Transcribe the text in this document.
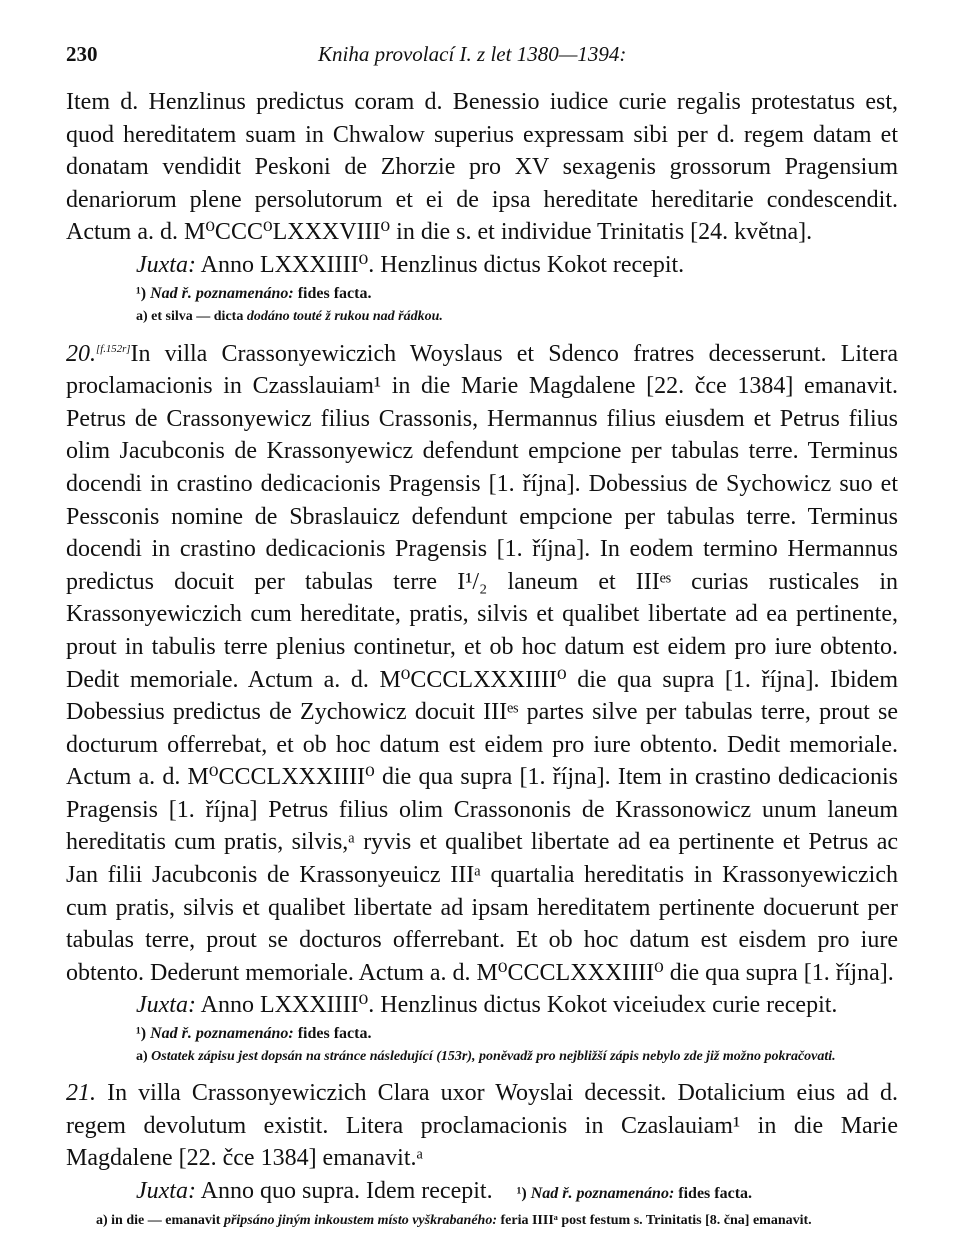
230	Kniha provolací I. z let 1380—1394:

Item d. Henzlinus predictus coram d. Benessio iudice curie regalis protestatus est, quod hereditatem suam in Chwalow superius expressam sibi per d. regem datam et donatam vendidit Peskoni de Zhorzie pro XV sexagenis grossorum Pragensium denariorum plene persolutorum et ei de ipsa hereditate hereditarie condescendit. Actum a. d. M⁰CCC⁰LXXXVIII⁰ in die s. et individue Trinitatis [24. května].

Juxta: Anno LXXXIIII⁰. Henzlinus dictus Kokot recepit.

¹) Nad ř. poznamenáno: fides facta.

a) et silva — dicta dodáno touté ž rukou nad řádkou.

20.[f.152r]In villa Crassonyewiczich Woyslaus et Sdenco fratres decesserunt. Litera proclamacionis in Czasslauiam¹ in die Marie Magdalene [22. čce 1384] emanavit. Petrus de Crassonyewicz filius Crassonis, Hermannus filius eiusdem et Petrus filius olim Jacubconis de Krassonyewicz defendunt empcione per tabulas terre. Terminus docendi in crastino dedicacionis Pragensis [1. října]. Dobessius de Sychowicz suo et Pessconis nomine de Sbraslauicz defendunt empcione per tabulas terre. Terminus docendi in crastino dedicacionis Pragensis [1. října]. In eodem termino Hermannus predictus docuit per tabulas terre I¹/₂ laneum et IIIᵉˢ curias rusticales in Krassonyewiczich cum hereditate, pratis, silvis et qualibet libertate ad ea pertinente, prout in tabulis terre plenius continetur, et ob hoc datum est eidem pro iure obtento. Dedit memoriale. Actum a. d. M⁰CCCLXXXIIII⁰ die qua supra [1. října]. Ibidem Dobessius predictus de Zychowicz docuit IIIᵉˢ partes silve per tabulas terre, prout se docturum offerrebat, et ob hoc datum est eidem pro iure obtento. Dedit memoriale. Actum a. d. M⁰CCCLXXXIIII⁰ die qua supra [1. října]. Item in crastino dedicacionis Pragensis [1. října] Petrus filius olim Crassononis de Krassonowicz unum laneum hereditatis cum pratis, silvis,ᵃ ryvis et qualibet libertate ad ea pertinente et Petrus ac Jan filii Jacubconis de Krassonyeuicz IIIᵃ quartalia hereditatis in Krassonyewiczich cum pratis, silvis et qualibet libertate ad ipsam hereditatem pertinente docuerunt per tabulas terre, prout se docturos offerrebant. Et ob hoc datum est eisdem pro iure obtento. Dederunt memoriale. Actum a. d. M⁰CCCLXXXIIII⁰ die qua supra [1. října].

Juxta: Anno LXXXIIII⁰. Henzlinus dictus Kokot viceiudex curie recepit.

¹) Nad ř. poznamenáno: fides facta.

a) Ostatek zápisu jest dopsán na stránce následující (153r), poněvadž pro nejbližší zápis nebylo zde již možno pokračovati.

21. In villa Crassonyewiczich Clara uxor Woyslai decessit. Dotalicium eius ad d. regem devolutum existit. Litera proclamacionis in Czaslauiam¹ in die Marie Magdalene [22. čce 1384] emanavit.ᵃ

Juxta: Anno quo supra. Idem recepit. ¹) Nad ř. poznamenáno: fides facta.

a) in die — emanavit připsáno jiným inkoustem místo vyškrabaného: feria IIIIᵃ post festum s. Trinitatis [8. čna] emanavit.
